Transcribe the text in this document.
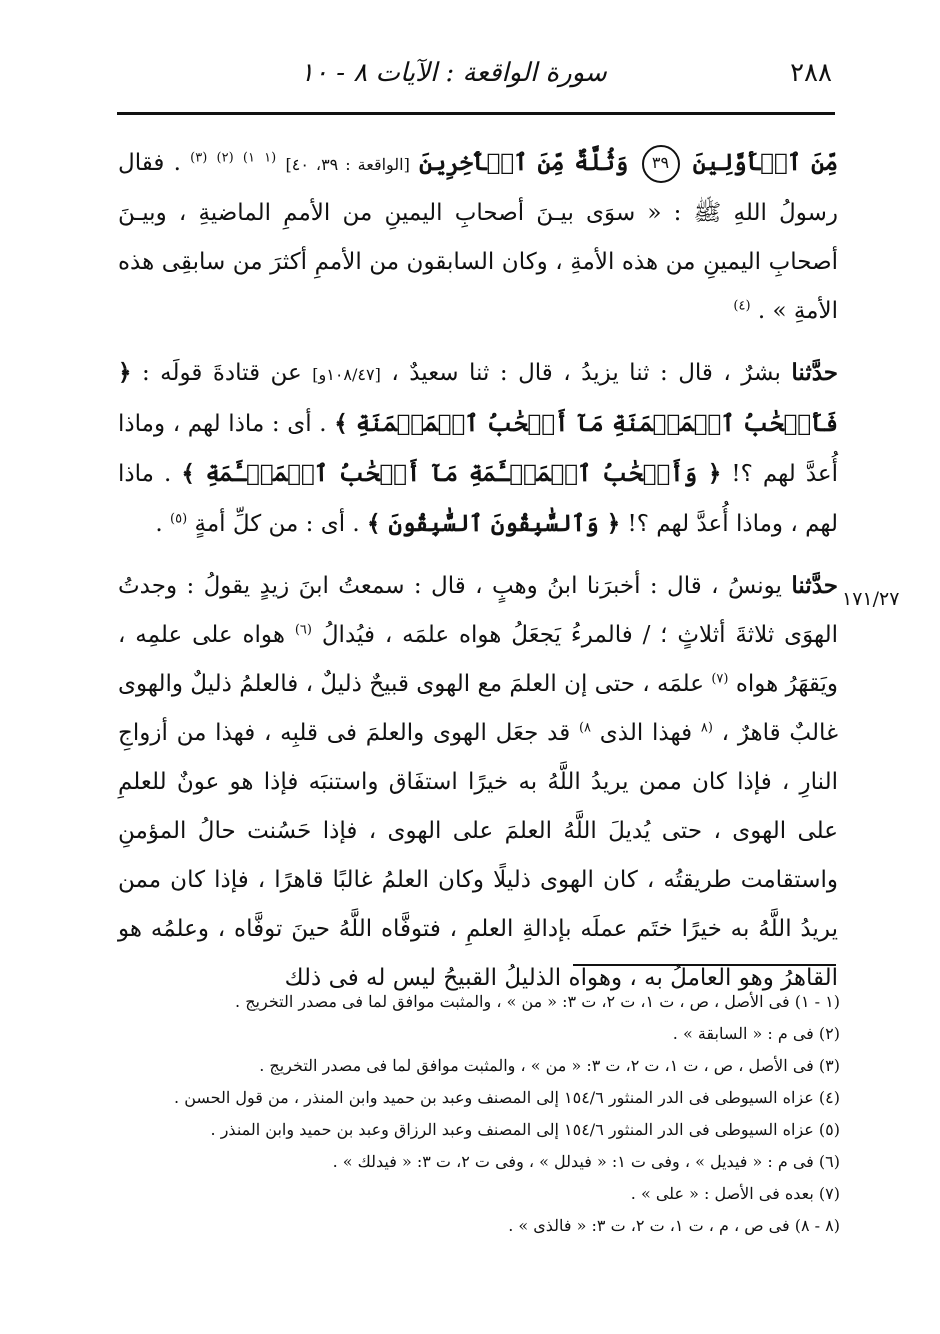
٢٨٨
سورة الواقعة : الآيات ٨ - ١٠
١٧١/٢٧

مِّنَ ٱلۡأَوَّلِينَ ٣٩ وَثُلَّةٌ مِّنَ ٱلۡأٓخِرِينَ [الواقعة : ٣٩، ٤٠] $^{(١}$ $^{١)}$ $^{(٢)}$ $^{(٣)}$ . فقال رسولُ اللهِ ﷺ : « سوَى بيـنَ أصحابِ اليمينِ من الأممِ الماضيةِ ، وبيـنَ أصحابِ اليمينِ من هذه الأمةِ ، وكان السابقون من الأممِ أكثرَ من سابقِى هذه الأمةِ » . $^{(٤)}$

حدَّثنا بشرٌ ، قال : ثنا يزيدُ ، قال : ثنا سعيدٌ ، [١٠٨/٤٧و] عن قتادةَ قولَه : ﴿ فَأَصۡحَٰبُ ٱلۡمَيۡمَنَةِ مَآ أَصۡحَٰبُ ٱلۡمَيۡمَنَةِ ﴾ . أى : ماذا لهم ، وماذا أُعدَّ لهم ؟! ﴿ وَأَصۡحَٰبُ ٱلۡمَشۡـَٔمَةِ مَآ أَصۡحَٰبُ ٱلۡمَشۡـَٔمَةِ ﴾ . ماذا لهم ، وماذا أُعدَّ لهم ؟! ﴿ وَٱلسَّٰبِقُونَ ٱلسَّٰبِقُونَ ﴾ . أى : من كلِّ أمةٍ $^{(٥)}$ .

حدَّثنا يونسُ ، قال : أخبرَنا ابنُ وهبٍ ، قال : سمعتُ ابنَ زيدٍ يقولُ : وجدتُ الهوَى ثلاثةَ أثلاثٍ ؛ / فالمرءُ يَجعَلُ هواه علمَه ، فيُدالُ $^{(٦)}$ هواه على علمِه ، ويَقهَرُ هواه $^{(٧)}$ علمَه ، حتى إن العلمَ مع الهوى قبيحٌ ذليلٌ ، فالعلمُ ذليلٌ والهوى غالبٌ قاهرٌ ، $^{(٨}$ فهذا الذى $^{٨)}$ قد جعَل الهوى والعلمَ فى قلبِه ، فهذا من أزواجِ النارِ ، فإذا كان ممن يريدُ اللَّهُ به خيرًا استفَاق واستنبَه فإذا هو عونٌ للعلمِ على الهوى ، حتى يُديلَ اللَّهُ العلمَ على الهوى ، فإذا حَسُنت حالُ المؤمنِ واستقامت طريقتُه ، كان الهوى ذليلًا وكان العلمُ غالبًا قاهرًا ، فإذا كان ممن يريدُ اللَّهُ به خيرًا ختَم عملَه بإدالةِ العلمِ ، فتوفَّاه اللَّهُ حينَ توفَّاه ، وعلمُه هو القاهرُ وهو العاملُ به ، وهواه الذليلُ القبيحُ ليس له فى ذلك

(١ - ١) فى الأصل ، ص ، ت ١، ت ٢، ت ٣: « من » ، والمثبت موافق لما فى مصدر التخريج .

(٢) فى م : « السابقة » .

(٣) فى الأصل ، ص ، ت ١، ت ٢، ت ٣: « من » ، والمثبت موافق لما فى مصدر التخريج .

(٤) عزاه السيوطى فى الدر المنثور ١٥٤/٦ إلى المصنف وعبد بن حميد وابن المنذر ، من قول الحسن .

(٥) عزاه السيوطى فى الدر المنثور ١٥٤/٦ إلى المصنف وعبد الرزاق وعبد بن حميد وابن المنذر .

(٦) فى م : « فيديل » ، وفى ت ١: « فيدلل » ، وفى ت ٢، ت ٣: « فيدلك » .

(٧) بعده فى الأصل : « على » .

(٨ - ٨) فى ص ، م ، ت ١، ت ٢، ت ٣: « فالذى » .
